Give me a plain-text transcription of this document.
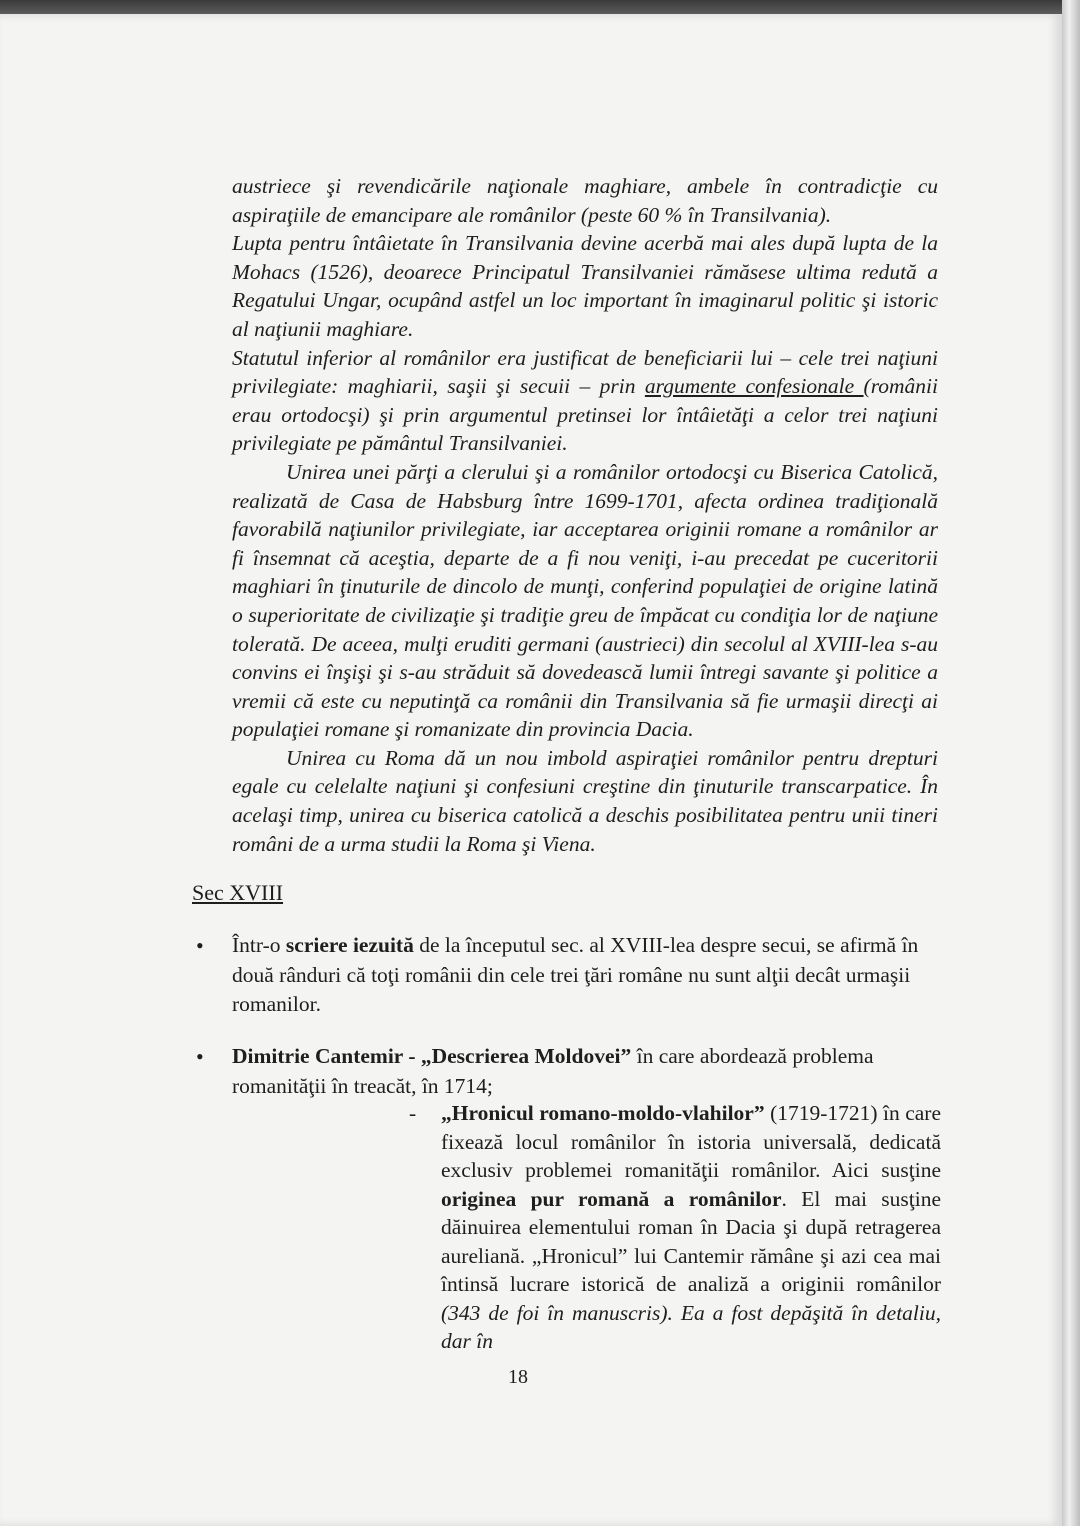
austriece şi revendicările naţionale maghiare, ambele în contradicţie cu aspiraţiile de emancipare ale românilor (peste 60 % în Transilvania).

Lupta pentru întâietate în Transilvania devine acerbă mai ales după lupta de la Mohacs (1526), deoarece Principatul Transilvaniei rămăsese ultima redută a Regatului Ungar, ocupând astfel un loc important în imaginarul politic şi istoric al naţiunii maghiare.

Statutul inferior al românilor era justificat de beneficiarii lui – cele trei naţiuni privilegiate: maghiarii, saşii şi secuii – prin argumente confesionale (românii erau ortodocşi) şi prin argumentul pretinsei lor întâietăţi a celor trei naţiuni privilegiate pe pământul Transilvaniei.

Unirea unei părţi a clerului şi a românilor ortodocşi cu Biserica Catolică, realizată de Casa de Habsburg între 1699-1701, afecta ordinea tradiţională favorabilă naţiunilor privilegiate, iar acceptarea originii romane a românilor ar fi însemnat că aceştia, departe de a fi nou veniţi, i-au precedat pe cuceritorii maghiari în ţinuturile de dincolo de munţi, conferind populaţiei de origine latină o superioritate de civilizaţie şi tradiţie greu de împăcat cu condiţia lor de naţiune tolerată. De aceea, mulţi eruditi germani (austrieci) din secolul al XVIII-lea s-au convins ei înşişi şi s-au străduit să dovedească lumii întregi savante şi politice a vremii că este cu neputinţă ca românii din Transilvania să fie urmaşii direcţi ai populaţiei romane şi romanizate din provincia Dacia.

Unirea cu Roma dă un nou imbold aspiraţiei românilor pentru drepturi egale cu celelalte naţiuni şi confesiuni creştine din ţinuturile transcarpatice. În acelaşi timp, unirea cu biserica catolică a deschis posibilitatea pentru unii tineri români de a urma studii la Roma şi Viena.

Sec XVIII
• Într-o scriere iezuită de la începutul sec. al XVIII-lea despre secui, se afirmă în două rânduri că toţi românii din cele trei ţări române nu sunt alţii decât urmaşii romanilor.

• Dimitrie Cantemir - „Descrierea Moldovei” în care abordează problema romanităţii în treacăt, în 1714;

- „Hronicul romano-moldo-vlahilor” (1719-1721) în care fixează locul românilor în istoria universală, dedicată exclusiv problemei romanităţii românilor. Aici susţine originea pur romană a românilor. El mai susţine dăinuirea elementului roman în Dacia şi după retragerea aureliană. „Hronicul” lui Cantemir rămâne şi azi cea mai întinsă lucrare istorică de analiză a originii românilor (343 de foi în manuscris). Ea a fost depăşită în detaliu, dar în

18
